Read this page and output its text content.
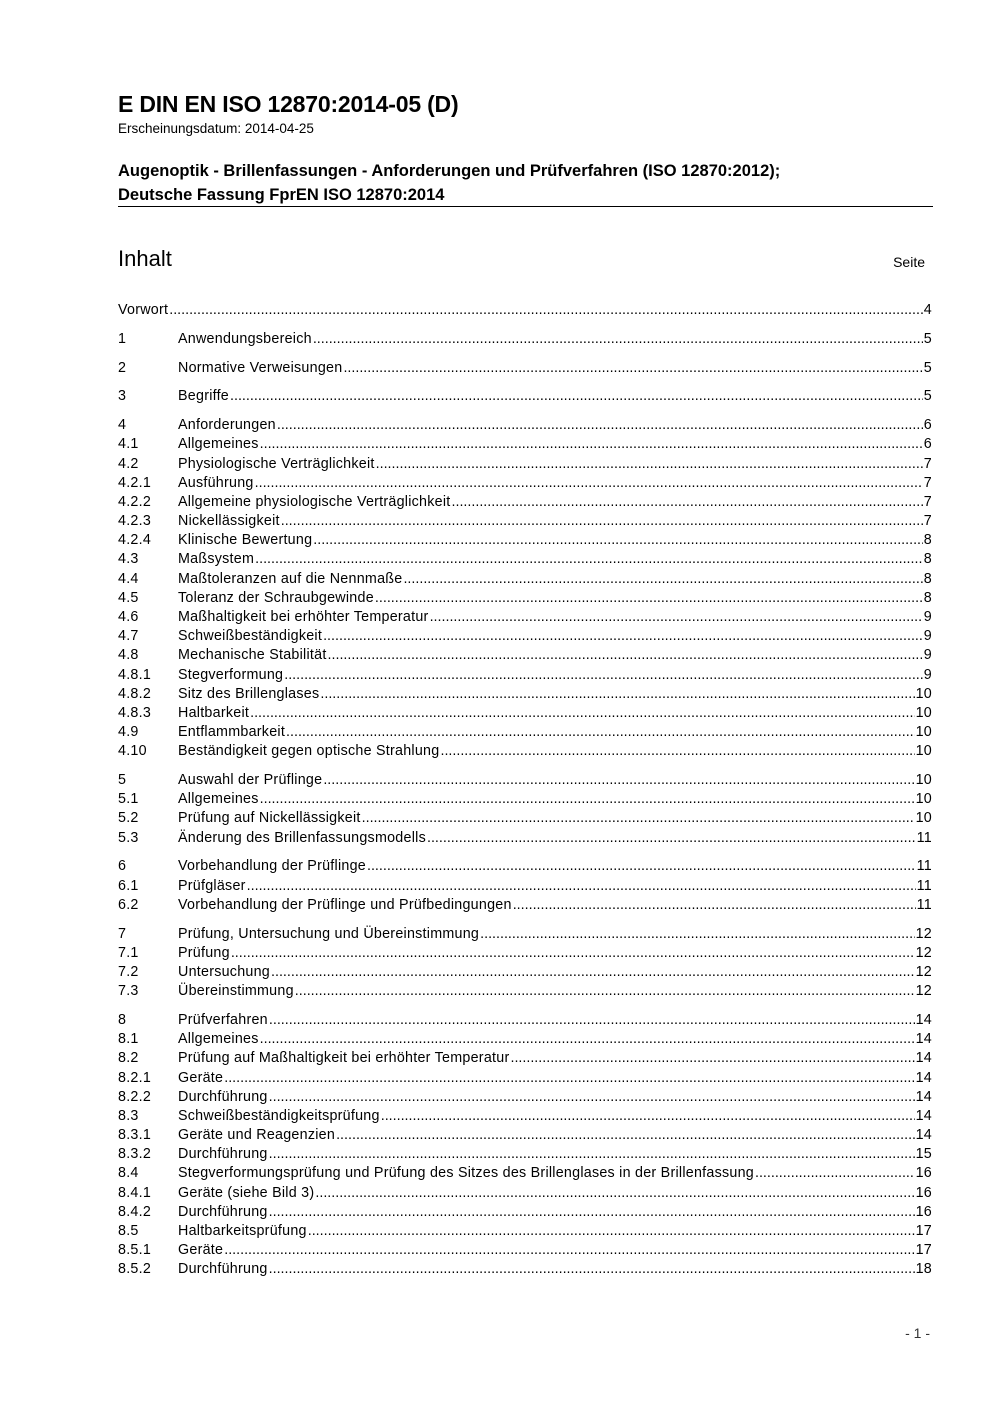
E DIN EN ISO 12870:2014-05 (D)
Erscheinungsdatum: 2014-04-25
Augenoptik - Brillenfassungen - Anforderungen und Prüfverfahren (ISO 12870:2012);
Deutsche Fassung FprEN ISO 12870:2014
Inhalt	Seite
Vorwort .....	4
1	Anwendungsbereich .....	5
2	Normative Verweisungen .....	5
3	Begriffe .....	5
4	Anforderungen .....	6
4.1	Allgemeines .....	6
4.2	Physiologische Verträglichkeit .....	7
4.2.1	Ausführung .....	7
4.2.2	Allgemeine physiologische Verträglichkeit .....	7
4.2.3	Nickellässigkeit .....	7
4.2.4	Klinische Bewertung .....	8
4.3	Maßsystem .....	8
4.4	Maßtoleranzen auf die Nennmaße .....	8
4.5	Toleranz der Schraubgewinde .....	8
4.6	Maßhaltigkeit bei erhöhter Temperatur .....	9
4.7	Schweißbeständigkeit .....	9
4.8	Mechanische Stabilität .....	9
4.8.1	Stegverformung .....	9
4.8.2	Sitz des Brillenglases .....	10
4.8.3	Haltbarkeit .....	10
4.9	Entflammbarkeit .....	10
4.10	Beständigkeit gegen optische Strahlung .....	10
5	Auswahl der Prüflinge .....	10
5.1	Allgemeines .....	10
5.2	Prüfung auf Nickellässigkeit .....	10
5.3	Änderung des Brillenfassungsmodells .....	11
6	Vorbehandlung der Prüflinge .....	11
6.1	Prüfgläser .....	11
6.2	Vorbehandlung der Prüflinge und Prüfbedingungen .....	11
7	Prüfung, Untersuchung und Übereinstimmung .....	12
7.1	Prüfung .....	12
7.2	Untersuchung .....	12
7.3	Übereinstimmung .....	12
8	Prüfverfahren .....	14
8.1	Allgemeines .....	14
8.2	Prüfung auf Maßhaltigkeit bei erhöhter Temperatur .....	14
8.2.1	Geräte .....	14
8.2.2	Durchführung .....	14
8.3	Schweißbeständigkeitsprüfung .....	14
8.3.1	Geräte und Reagenzien .....	14
8.3.2	Durchführung .....	15
8.4	Stegverformungsprüfung und Prüfung des Sitzes des Brillenglases in der Brillenfassung .....	16
8.4.1	Geräte (siehe Bild 3) .....	16
8.4.2	Durchführung .....	16
8.5	Haltbarkeitsprüfung .....	17
8.5.1	Geräte .....	17
8.5.2	Durchführung .....	18
- 1 -
